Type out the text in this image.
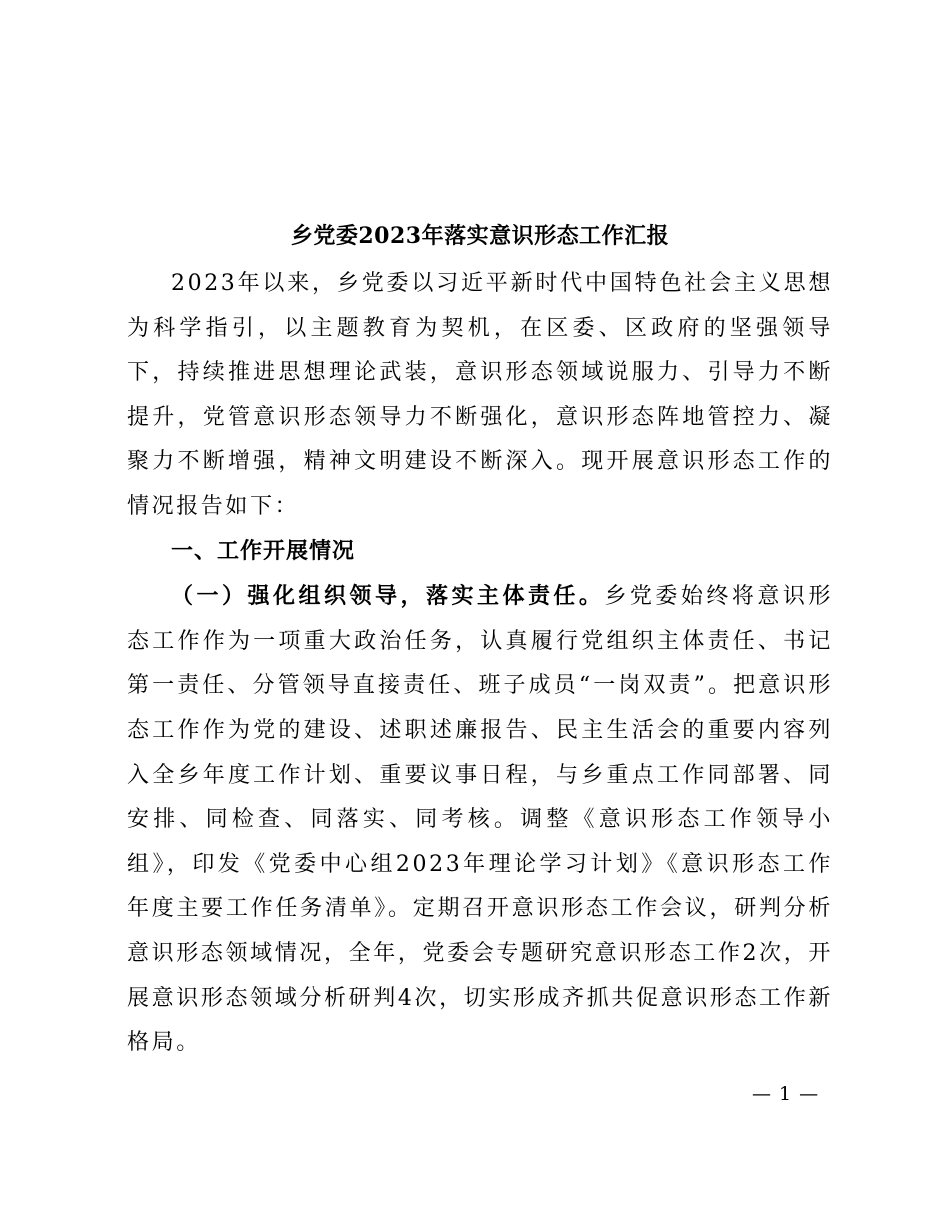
乡党委2023年落实意识形态工作汇报

2023年以来，乡党委以习近平新时代中国特色社会主义思想为科学指引，以主题教育为契机，在区委、区政府的坚强领导下，持续推进思想理论武装，意识形态领域说服力、引导力不断提升，党管意识形态领导力不断强化，意识形态阵地管控力、凝聚力不断增强，精神文明建设不断深入。现开展意识形态工作的情况报告如下：

一、工作开展情况

（一）强化组织领导，落实主体责任。乡党委始终将意识形态工作作为一项重大政治任务，认真履行党组织主体责任、书记第一责任、分管领导直接责任、班子成员“一岗双责”。把意识形态工作作为党的建设、述职述廉报告、民主生活会的重要内容列入全乡年度工作计划、重要议事日程，与乡重点工作同部署、同安排、同检查、同落实、同考核。调整《意识形态工作领导小组》，印发《党委中心组2023年理论学习计划》《意识形态工作年度主要工作任务清单》。定期召开意识形态工作会议，研判分析意识形态领域情况，全年，党委会专题研究意识形态工作2次，开展意识形态领域分析研判4次，切实形成齐抓共促意识形态工作新格局。

— 1 —
